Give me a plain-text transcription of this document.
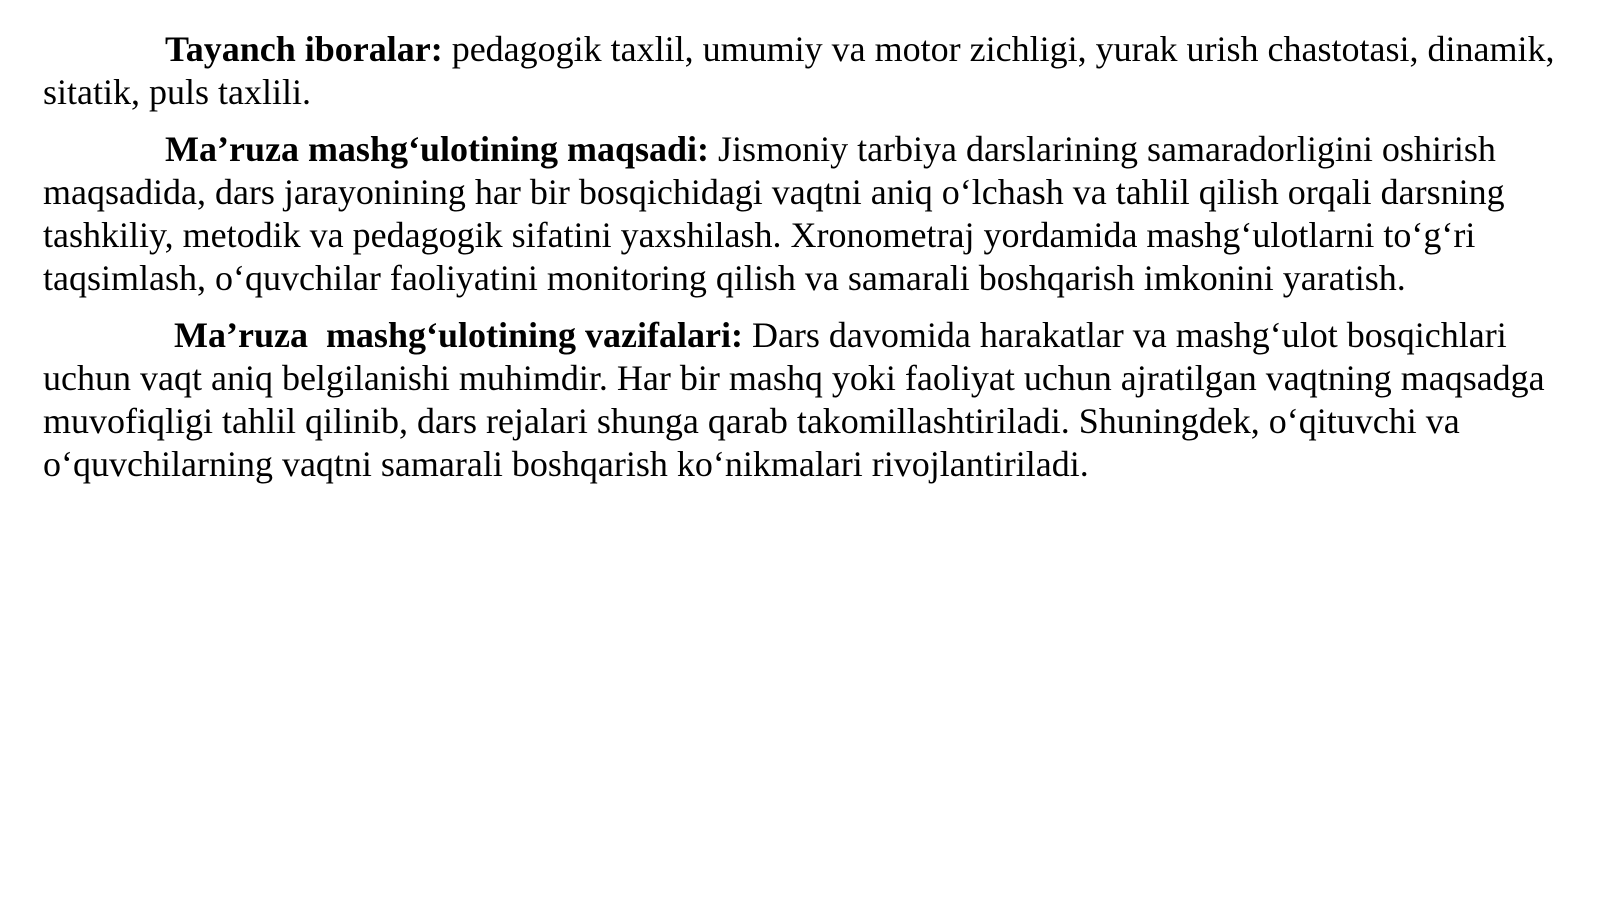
Tayanch iboralar: pedagogik taxlil, umumiy va motor zichligi, yurak urish chastotasi, dinamik, sitatik, puls taxlili.

Ma’ruza mashg‘ulotining maqsadi: Jismoniy tarbiya darslarining samaradorligini oshirish maqsadida, dars jarayonining har bir bosqichidagi vaqtni aniq o‘lchash va tahlil qilish orqali darsning tashkiliy, metodik va pedagogik sifatini yaxshilash. Xronometraj yordamida mashg‘ulotlarni to‘g‘ri taqsimlash, o‘quvchilar faoliyatini monitoring qilish va samarali boshqarish imkonini yaratish.

Ma’ruza  mashg‘ulotining vazifalari: Dars davomida harakatlar va mashg‘ulot bosqichlari uchun vaqt aniq belgilanishi muhimdir. Har bir mashq yoki faoliyat uchun ajratilgan vaqtning maqsadga muvofiqligi tahlil qilinib, dars rejalari shunga qarab takomillashtiriladi. Shuningdek, o‘qituvchi va o‘quvchilarning vaqtni samarali boshqarish ko‘nikmalari rivojlantiriladi.
